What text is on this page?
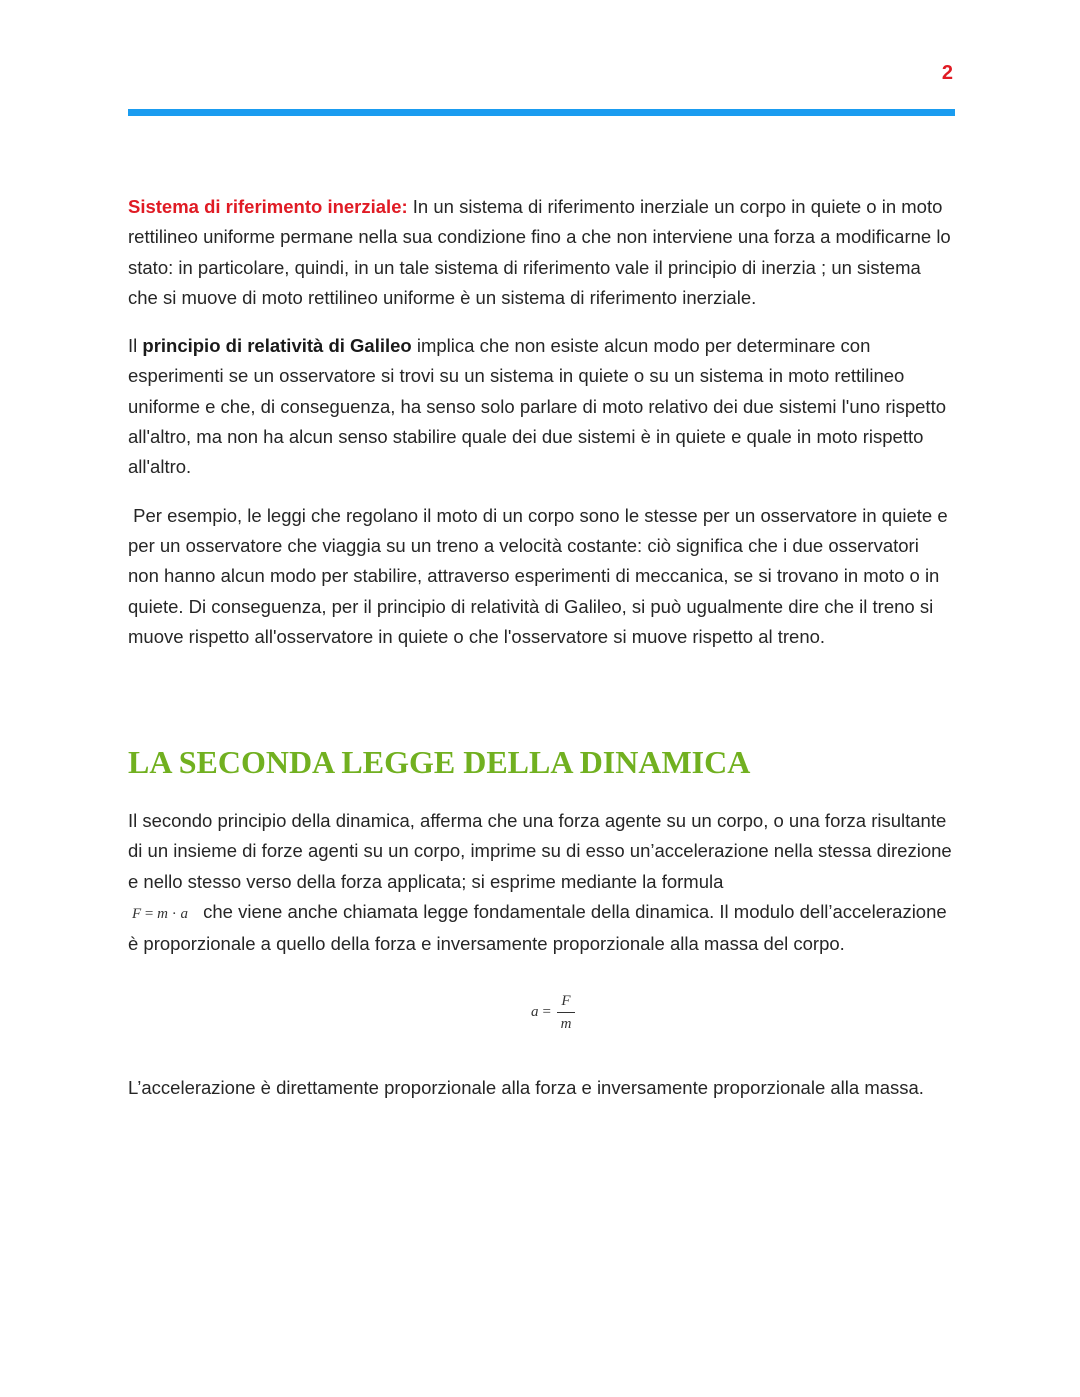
2

Sistema di riferimento inerziale: In un sistema di riferimento inerziale un corpo in quiete o in moto rettilineo uniforme permane nella sua condizione fino a che non interviene una forza a modificarne lo stato: in particolare, quindi, in un tale sistema di riferimento vale il principio di inerzia ; un sistema che si muove di moto rettilineo uniforme è un sistema di riferimento inerziale.

Il principio di relatività di Galileo implica che non esiste alcun modo per determinare con esperimenti se un osservatore si trovi su un sistema in quiete o su un sistema in moto rettilineo uniforme e che, di conseguenza, ha senso solo parlare di moto relativo dei due sistemi l'uno rispetto all'altro, ma non ha alcun senso stabilire quale dei due sistemi è in quiete e quale in moto rispetto all'altro.

Per esempio, le leggi che regolano il moto di un corpo sono le stesse per un osservatore in quiete e per un osservatore che viaggia su un treno a velocità costante: ciò significa che i due osservatori non hanno alcun modo per stabilire, attraverso esperimenti di meccanica, se si trovano in moto o in quiete. Di conseguenza, per il principio di relatività di Galileo, si può ugualmente dire che il treno si muove rispetto all'osservatore in quiete o che l'osservatore si muove rispetto al treno.

LA SECONDA LEGGE DELLA DINAMICA

Il secondo principio della dinamica, afferma che una forza agente su un corpo, o una forza risultante di un insieme di forze agenti su un corpo, imprime su di esso un’accelerazione nella stessa direzione e nello stesso verso della forza applicata; si esprime mediante la formula
F = m · a che viene anche chiamata legge fondamentale della dinamica. Il modulo dell’accelerazione è proporzionale a quello della forza e inversamente proporzionale alla massa del corpo.

$a = \frac{F}{m}$

L’accelerazione è direttamente proporzionale alla forza e inversamente proporzionale alla massa.
